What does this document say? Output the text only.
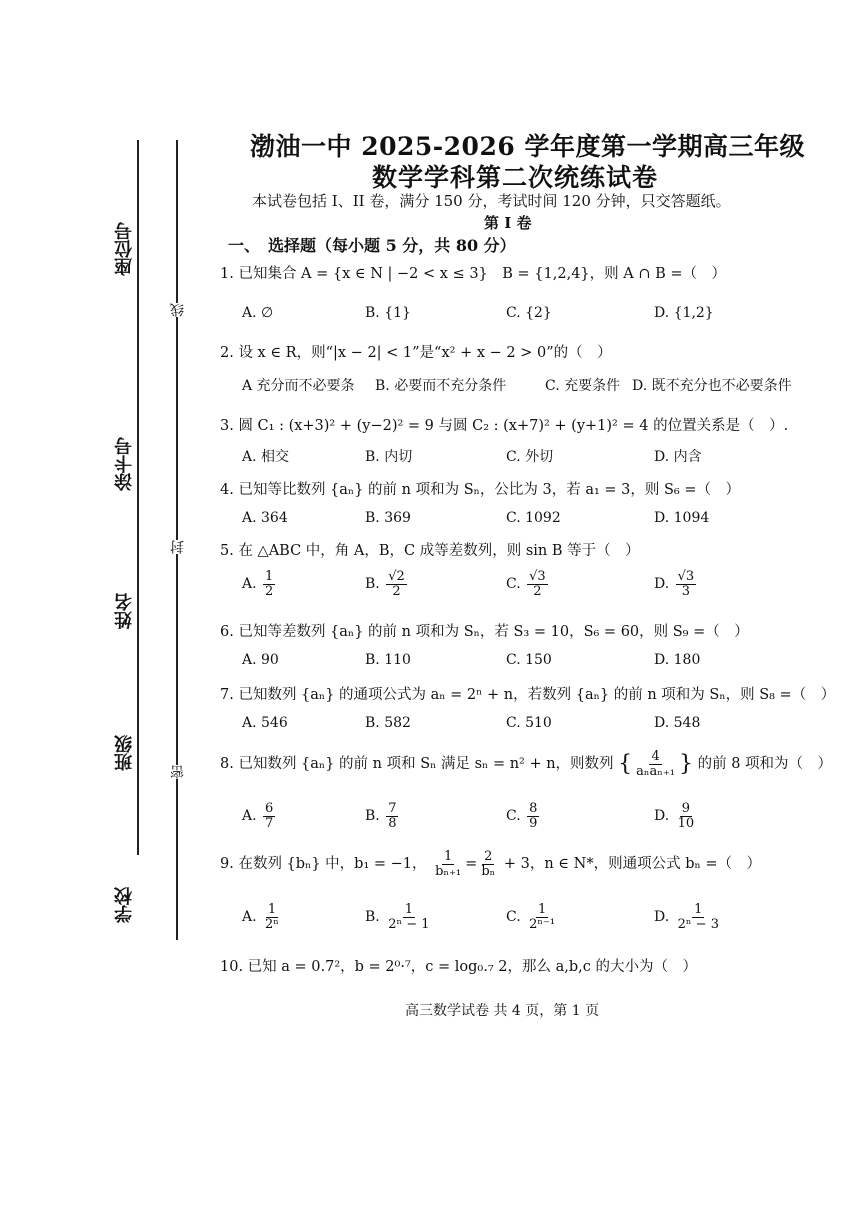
座位号
涂卡号
姓名
班级
学校
线
封
密
渤油一中 2025-2026 学年度第一学期高三年级
数学学科第二次统练试卷
本试卷包括 I、II 卷，满分 150 分，考试时间 120 分钟，只交答题纸。
第 I 卷
一、　选择题（每小题 5 分，共 80 分）
1. 已知集合 A = {x ∈ N | −2 < x ≤ 3}　B = {1,2,4}，则 A ∩ B =（　）
A. ∅	B. {1}	C. {2}	D. {1,2}
2. 设 x ∈ R，则“|x − 2| < 1”是“x² + x − 2 > 0”的（　）
A 充分而不必要条 B. 必要而不充分条件	C. 充要条件 D. 既不充分也不必要条件
3. 圆 C₁ : (x+3)² + (y−2)² = 9 与圆 C₂ : (x+7)² + (y+1)² = 4 的位置关系是（　）.
A. 相交	B. 内切	C. 外切	D. 内含
4. 已知等比数列 {aₙ} 的前 n 项和为 Sₙ，公比为 3，若 a₁ = 3，则 S₆ =（　）
A. 364	B. 369	C. 1092	D. 1094
5. 在 △ABC 中，角 A，B，C 成等差数列，则 sin B 等于（　）
A. $\frac{1}{2}$	B. $\frac{√2}{2}$	C. $\frac{√3}{2}$	D. $\frac{√3}{3}$
6. 已知等差数列 {aₙ} 的前 n 项和为 Sₙ，若 S₃ = 10，S₆ = 60，则 S₉ =（　）
A. 90	B. 110	C. 150	D. 180
7. 已知数列 {aₙ} 的通项公式为 aₙ = 2ⁿ + n，若数列 {aₙ} 的前 n 项和为 Sₙ，则 S₈ =（　）
A. 546	B. 582	C. 510	D. 548
8. 已知数列 {aₙ} 的前 n 项和 Sₙ 满足 sₙ = n² + n，则数列 { $\frac{4}{\text{aₙaₙ₊₁}}$ } 的前 8 项和为（　）
A. $\frac{6}{7}$	B. $\frac{7}{8}$	C. $\frac{8}{9}$	D. $\frac{9}{10}$
9. 在数列 {bₙ} 中，b₁ = −1， $\frac{1}{\text{bₙ₊₁}} = \frac{2}{\text{bₙ}} + 3$，n ∈ N*，则通项公式 bₙ =（　）
A. $\frac{1}{\text{2ⁿ}}$	B. $\frac{1}{\text{2ⁿ − 1}}$	C. $\frac{1}{\text{2ⁿ⁻¹}}$	D. $\frac{1}{\text{2ⁿ − 3}}$
10. 已知 a = 0.7²，b = 2⁰·⁷，c = log₀.₇ 2，那么 a,b,c 的大小为（　）
高三数学试卷 共 4 页，第 1 页
